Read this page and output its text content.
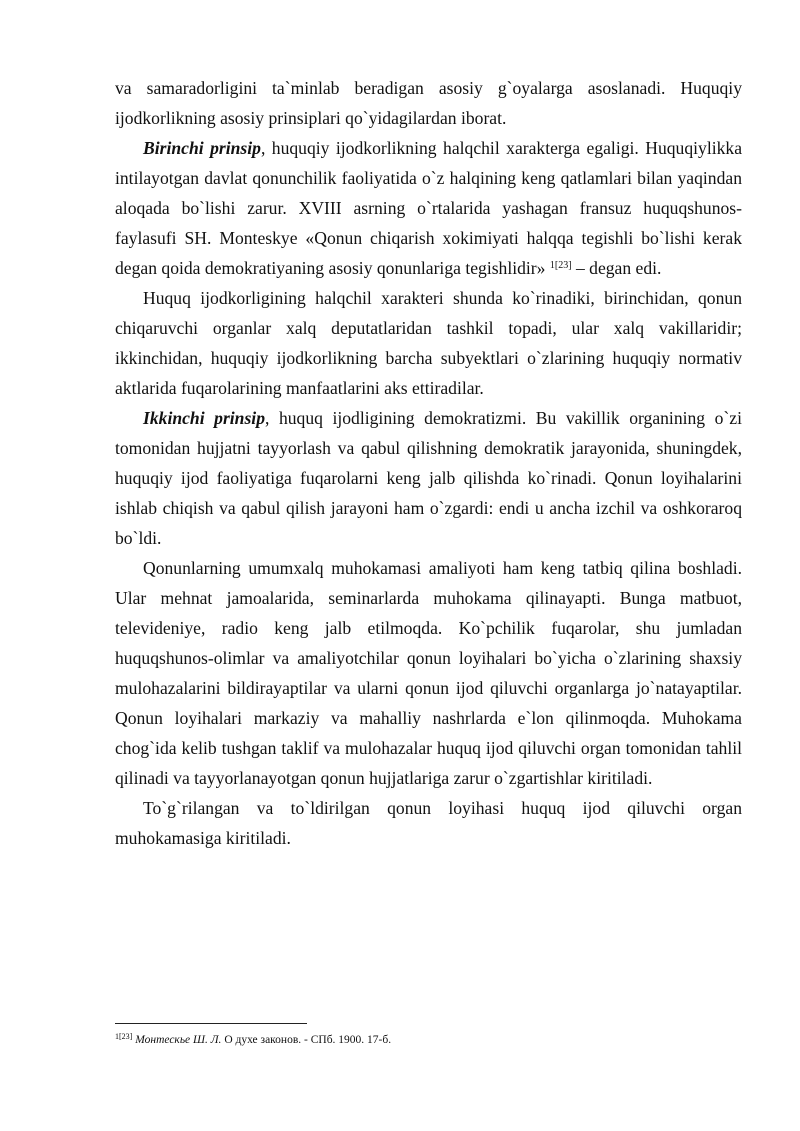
va samaradorligini ta`minlab beradigan asosiy g`oyalarga asoslanadi. Huquqiy ijodkorlikning asosiy prinsiplari qo`yidagilardan iborat.

Birinchi prinsip, huquqiy ijodkorlikning halqchil xarakterga egaligi. Huquqiylikka intilayotgan davlat qonunchilik faoliyatida o`z halqining keng qatlamlari bilan yaqindan aloqada bo`lishi zarur. XVIII asrning o`rtalarida yashagan fransuz huquqshunos-faylasufi SH. Monteskye «Qonun chiqarish xokimiyati halqqa tegishli bo`lishi kerak degan qoida demokratiyaning asosiy qonunlariga tegishlidir» $^{1[23]}$ – degan edi.

Huquq ijodkorligining halqchil xarakteri shunda ko`rinadiki, birinchidan, qonun chiqaruvchi organlar xalq deputatlaridan tashkil topadi, ular xalq vakillaridir; ikkinchidan, huquqiy ijodkorlikning barcha subyektlari o`zlarining huquqiy normativ aktlarida fuqarolarining manfaatlarini aks ettiradilar.

Ikkinchi prinsip, huquq ijodligining demokratizmi. Bu vakillik organining o`zi tomonidan hujjatni tayyorlash va qabul qilishning demokratik jarayonida, shuningdek, huquqiy ijod faoliyatiga fuqarolarni keng jalb qilishda ko`rinadi. Qonun loyihalarini ishlab chiqish va qabul qilish jarayoni ham o`zgardi: endi u ancha izchil va oshkoraroq bo`ldi.

Qonunlarning umumxalq muhokamasi amaliyoti ham keng tatbiq qilina boshladi. Ular mehnat jamoalarida, seminarlarda muhokama qilinayapti. Bunga matbuot, televideniye, radio keng jalb etilmoqda. Ko`pchilik fuqarolar, shu jumladan huquqshunos-olimlar va amaliyotchilar qonun loyihalari bo`yicha o`zlarining shaxsiy mulohazalarini bildirayaptilar va ularni qonun ijod qiluvchi organlarga jo`natayaptilar. Qonun loyihalari markaziy va mahalliy nashrlarda e`lon qilinmoqda. Muhokama chog`ida kelib tushgan taklif va mulohazalar huquq ijod qiluvchi organ tomonidan tahlil qilinadi va tayyorlanayotgan qonun hujjatlariga zarur o`zgartishlar kiritiladi.

To`g`rilangan va to`ldirilgan qonun loyihasi huquq ijod qiluvchi organ muhokamasiga kiritiladi.

$^{1[23]}$ Монтескье Ш. Л. О духе законов. - СПб. 1900. 17-б.
